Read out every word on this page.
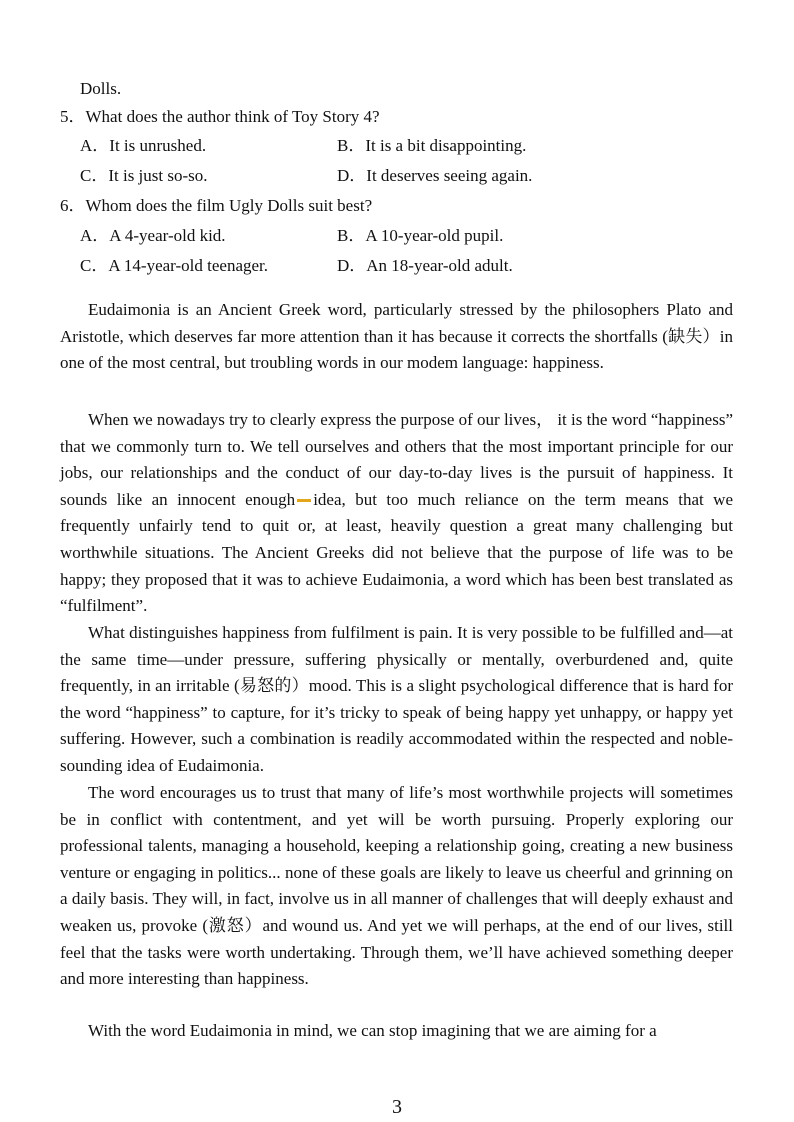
Dolls.
5．What does the author think of Toy Story 4?
A．It is unrushed.	B．It is a bit disappointing.
C．It is just so-so.	D．It deserves seeing again.
6．Whom does the film Ugly Dolls suit best?
A．A 4-year-old kid.	B．A 10-year-old pupil.
C．A 14-year-old teenager.	D．An 18-year-old adult.
Eudaimonia is an Ancient Greek word, particularly stressed by the philosophers Plato and Aristotle, which deserves far more attention than it has because it corrects the shortfalls (缺失）in one of the most central, but troubling words in our modem language: happiness.
When we nowadays try to clearly express the purpose of our lives， it is the word “happiness” that we commonly turn to. We tell ourselves and others that the most important principle for our jobs, our relationships and the conduct of our day-to-day lives is the pursuit of happiness. It sounds like an innocent enough idea, but too much reliance on the term means that we frequently unfairly tend to quit or, at least, heavily question a great many challenging but worthwhile situations. The Ancient Greeks did not believe that the purpose of life was to be happy; they proposed that it was to achieve Eudaimonia, a word which has been best translated as “fulfilment”.
What distinguishes happiness from fulfilment is pain. It is very possible to be fulfilled and—at the same time—under pressure, suffering physically or mentally, overburdened and, quite frequently, in an irritable (易怒的）mood. This is a slight psychological difference that is hard for the word “happiness” to capture, for it’s tricky to speak of being happy yet unhappy, or happy yet suffering. However, such a combination is readily accommodated within the respected and noble-sounding idea of Eudaimonia.
The word encourages us to trust that many of life’s most worthwhile projects will sometimes be in conflict with contentment, and yet will be worth pursuing. Properly exploring our professional talents, managing a household, keeping a relationship going, creating a new business venture or engaging in politics... none of these goals are likely to leave us cheerful and grinning on a daily basis. They will, in fact, involve us in all manner of challenges that will deeply exhaust and weaken us, provoke (激怒）and wound us. And yet we will perhaps, at the end of our lives, still feel that the tasks were worth undertaking. Through them, we’ll have achieved something deeper and more interesting than happiness.
With the word Eudaimonia in mind, we can stop imagining that we are aiming for a
3
